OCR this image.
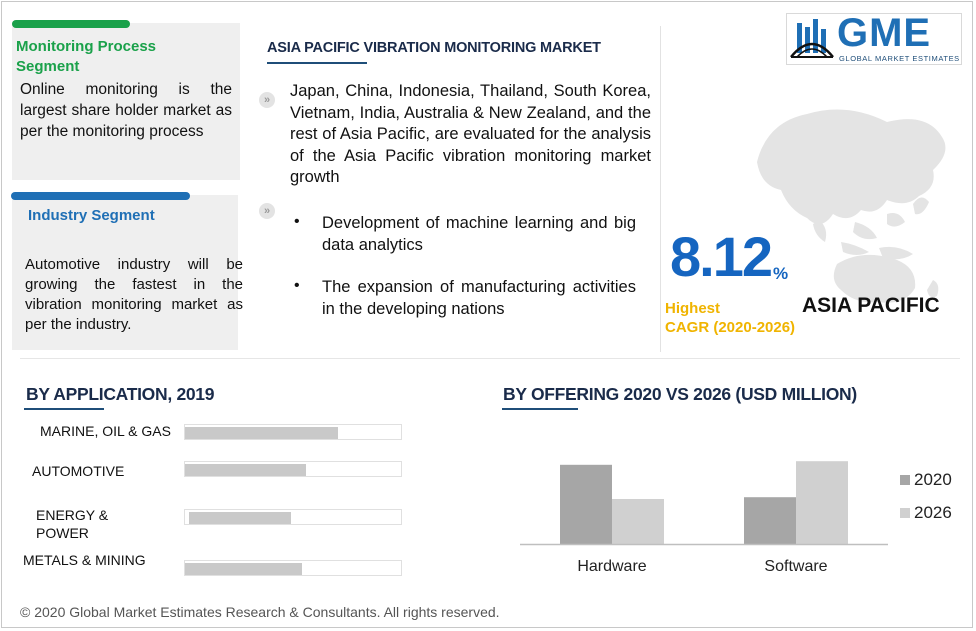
Monitoring Process Segment
Online monitoring is the largest share holder market as per the monitoring process
Industry Segment
Automotive industry will be growing the fastest in the vibration monitoring market as per the industry.
ASIA PACIFIC VIBRATION MONITORING MARKET
» Japan, China, Indonesia, Thailand, South Korea, Vietnam, India, Australia & New Zealand, and the rest of Asia Pacific, are evaluated for the analysis of the Asia Pacific vibration monitoring market growth
»
• Development of machine learning and big data analytics
• The expansion of manufacturing activities in the developing nations
GME
GLOBAL MARKET ESTIMATES
8.12 %
Highest
CAGR (2020-2026)
ASIA PACIFIC
BY APPLICATION, 2019
MARINE, OIL & GAS
AUTOMOTIVE
ENERGY & POWER
METALS & MINING
BY OFFERING 2020 VS 2026 (USD MILLION)
Hardware	Software
2020
2026
© 2020 Global Market Estimates Research & Consultants. All rights reserved.
